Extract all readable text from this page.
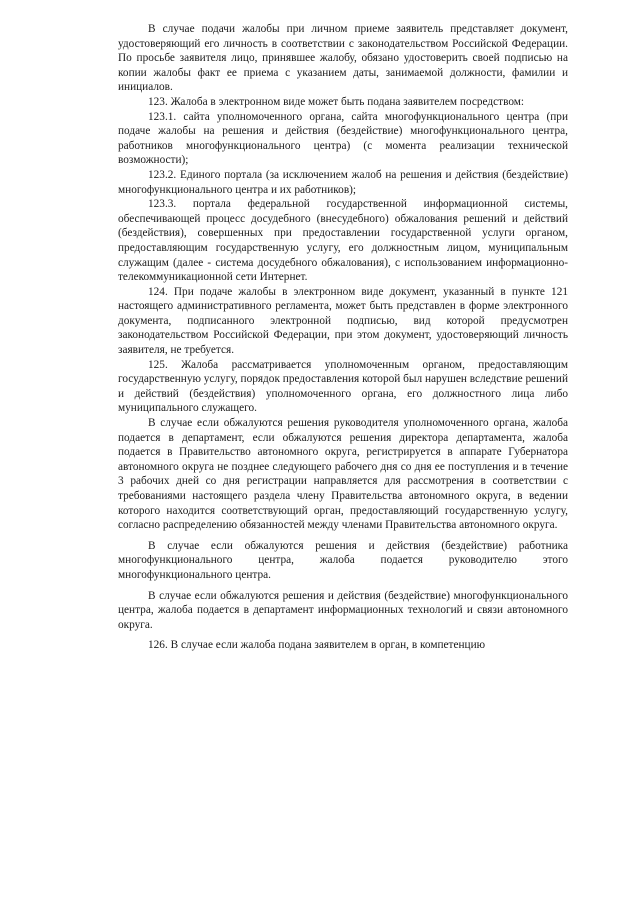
В случае подачи жалобы при личном приеме заявитель представляет документ, удостоверяющий его личность в соответствии с законодательством Российской Федерации. По просьбе заявителя лицо, принявшее жалобу, обязано удостоверить своей подписью на копии жалобы факт ее приема с указанием даты, занимаемой должности, фамилии и инициалов.

123. Жалоба в электронном виде может быть подана заявителем посредством:

123.1. сайта уполномоченного органа, сайта многофункционального центра (при подаче жалобы на решения и действия (бездействие) многофункционального центра, работников многофункционального центра) (с момента реализации технической возможности);

123.2. Единого портала (за исключением жалоб на решения и действия (бездействие) многофункционального центра и их работников);

123.3. портала федеральной государственной информационной системы, обеспечивающей процесс досудебного (внесудебного) обжалования решений и действий (бездействия), совершенных при предоставлении государственной услуги органом, предоставляющим государственную услугу, его должностным лицом, муниципальным служащим (далее - система досудебного обжалования), с использованием информационно-телекоммуникационной сети Интернет.

124. При подаче жалобы в электронном виде документ, указанный в пункте 121 настоящего административного регламента, может быть представлен в форме электронного документа, подписанного электронной подписью, вид которой предусмотрен законодательством Российской Федерации, при этом документ, удостоверяющий личность заявителя, не требуется.

125. Жалоба рассматривается уполномоченным органом, предоставляющим государственную услугу, порядок предоставления которой был нарушен вследствие решений и действий (бездействия) уполномоченного органа, его должностного лица либо муниципального служащего.

В случае если обжалуются решения руководителя уполномоченного органа, жалоба подается в департамент, если обжалуются решения директора департамента, жалоба подается в Правительство автономного округа, регистрируется в аппарате Губернатора автономного округа не позднее следующего рабочего дня со дня ее поступления и в течение 3 рабочих дней со дня регистрации направляется для рассмотрения в соответствии с требованиями настоящего раздела члену Правительства автономного округа, в ведении которого находится соответствующий орган, предоставляющий государственную услугу, согласно распределению обязанностей между членами Правительства автономного округа.

В случае если обжалуются решения и действия (бездействие) работника многофункционального центра, жалоба подается руководителю этого многофункционального центра.

В случае если обжалуются решения и действия (бездействие) многофункционального центра, жалоба подается в департамент информационных технологий и связи автономного округа.

126. В случае если жалоба подана заявителем в орган, в компетенцию
